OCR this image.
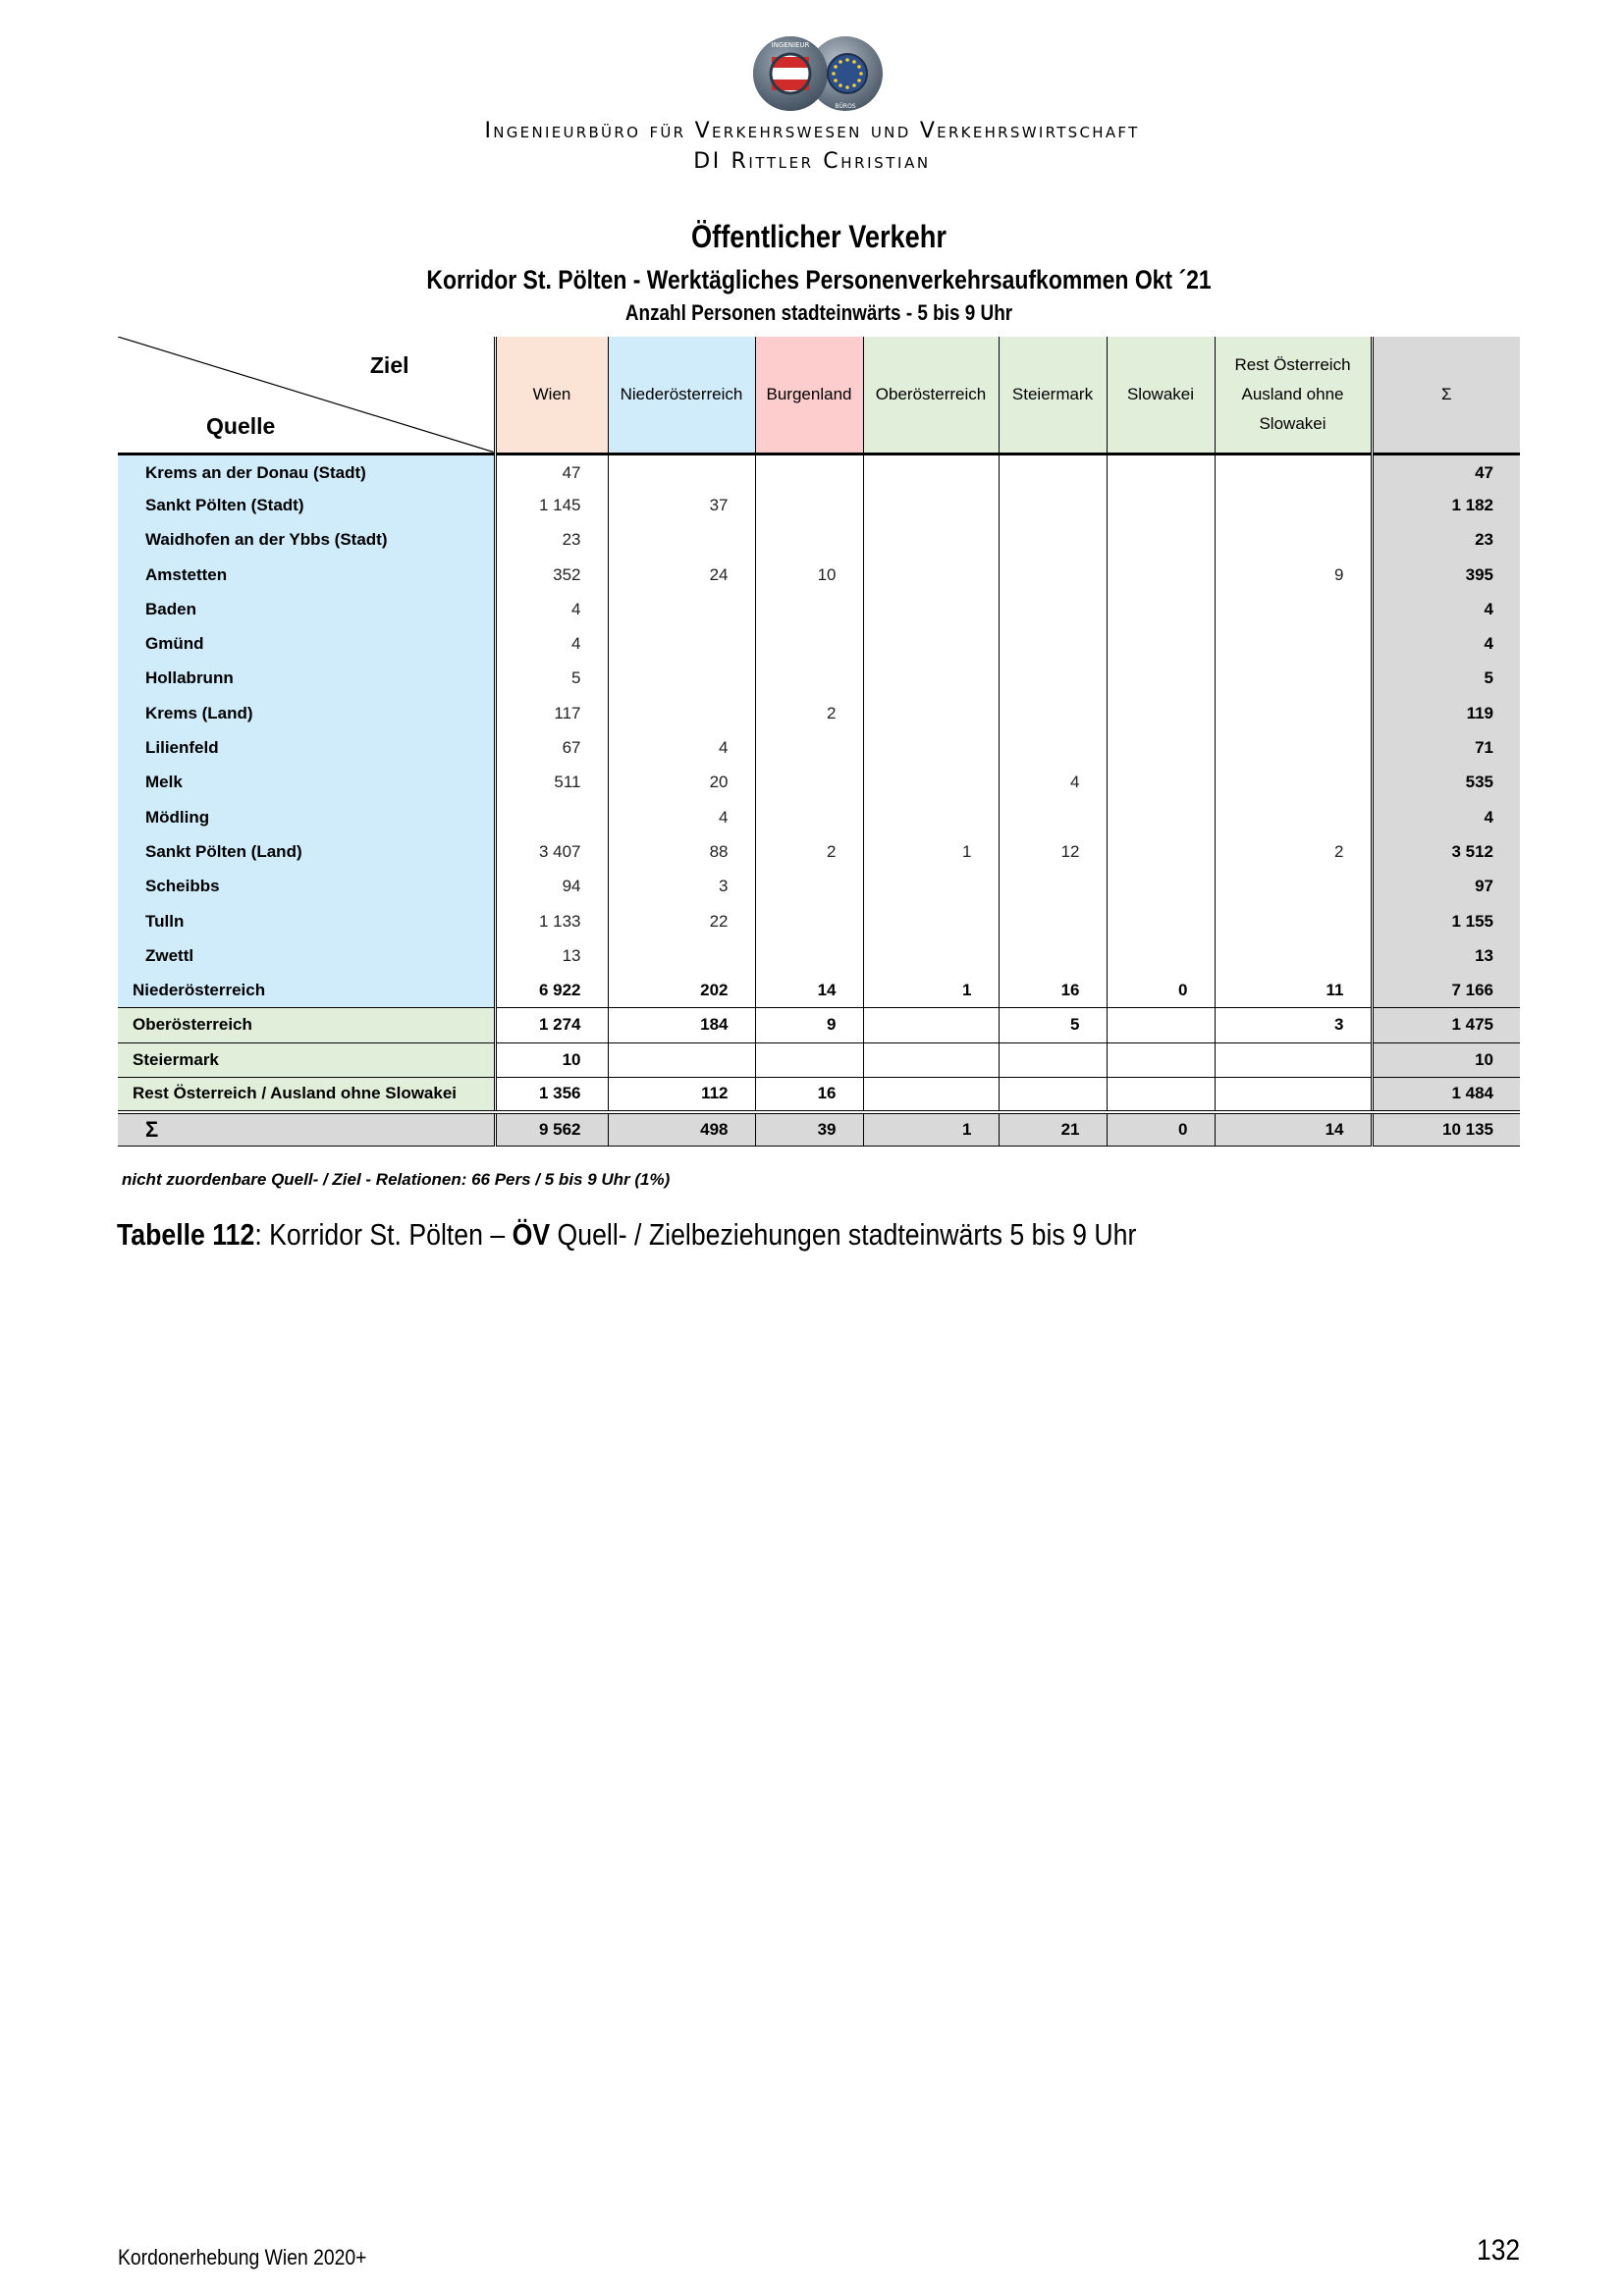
INGENIEUR
BÜROS
Ingenieurbüro für Verkehrswesen und Verkehrswirtschaft
DI Rittler Christian
Öffentlicher Verkehr
Korridor St. Pölten - Werktägliches Personenverkehrsaufkommen Okt ´21
Anzahl Personen stadteinwärts - 5 bis 9 Uhr
Ziel
Quelle	Wien	Niederösterreich	Burgenland	Oberösterreich	Steiermark	Slowakei	Rest Österreich Ausland ohne Slowakei	Σ
Krems an der Donau (Stadt)	47							47
Sankt Pölten (Stadt)	1 145	37						1 182
Waidhofen an der Ybbs (Stadt)	23							23
Amstetten	352	24	10				9	395
Baden	4							4
Gmünd	4							4
Hollabrunn	5							5
Krems (Land)	117		2					119
Lilienfeld	67	4						71
Melk	511	20			4			535
Mödling		4						4
Sankt Pölten (Land)	3 407	88	2	1	12		2	3 512
Scheibbs	94	3						97
Tulln	1 133	22						1 155
Zwettl	13							13
Niederösterreich	6 922	202	14	1	16	0	11	7 166
Oberösterreich	1 274	184	9		5		3	1 475
Steiermark	10							10
Rest Österreich / Ausland ohne Slowakei	1 356	112	16					1 484
Σ	9 562	498	39	1	21	0	14	10 135
nicht zuordenbare Quell- / Ziel - Relationen: 66 Pers / 5 bis 9 Uhr (1%)
Tabelle 112: Korridor St. Pölten – ÖV Quell- / Zielbeziehungen stadteinwärts 5 bis 9 Uhr
Kordonerhebung Wien 2020+	132
